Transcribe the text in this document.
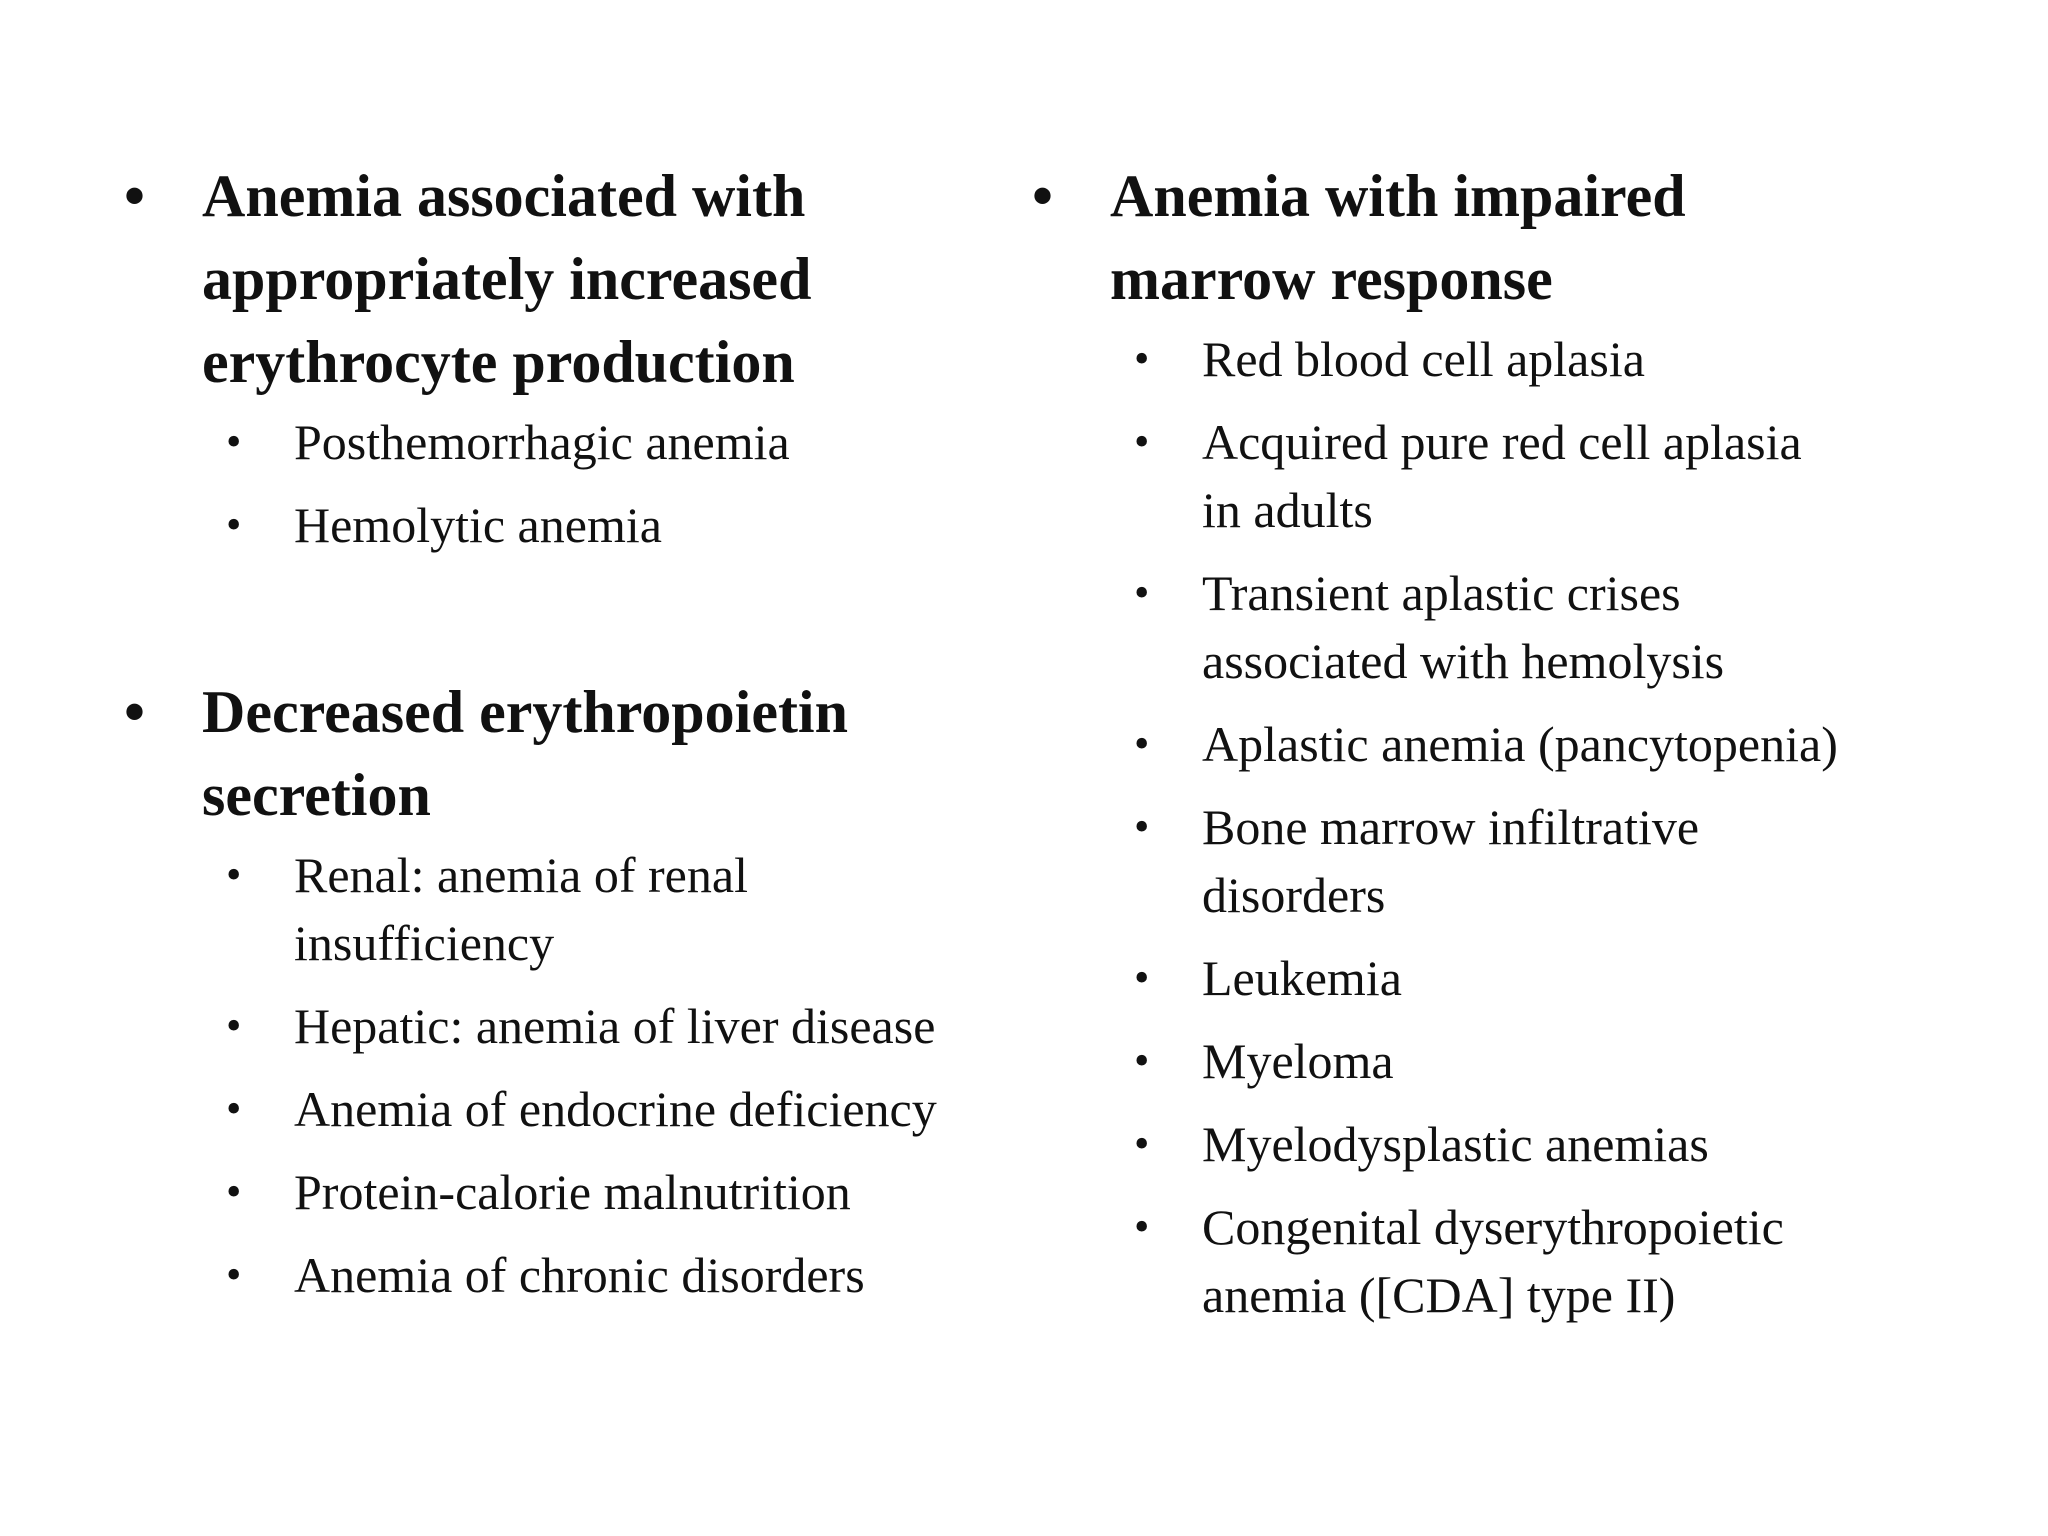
• Anemia associated with
appropriately increased
erythrocyte production
• Posthemorrhagic anemia
• Hemolytic anemia
• Decreased erythropoietin
secretion
• Renal: anemia of renal
insufficiency
• Hepatic: anemia of liver disease
• Anemia of endocrine deficiency
• Protein-calorie malnutrition
• Anemia of chronic disorders
• Anemia with impaired
marrow response
• Red blood cell aplasia
• Acquired pure red cell aplasia
in adults
• Transient aplastic crises
associated with hemolysis
• Aplastic anemia (pancytopenia)
• Bone marrow infiltrative
disorders
• Leukemia
• Myeloma
• Myelodysplastic anemias
• Congenital dyserythropoietic
anemia ([CDA] type II)
